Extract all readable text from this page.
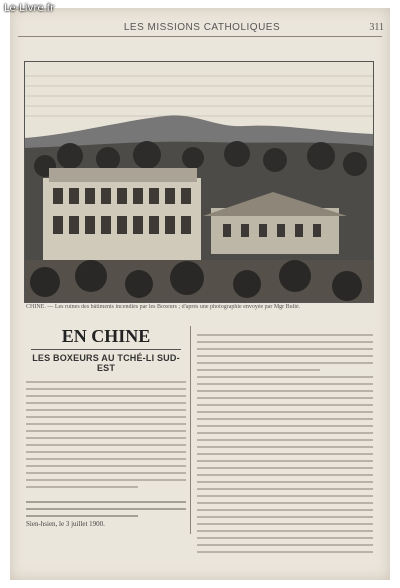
Le-Livre.fr
LES MISSIONS CATHOLIQUES	311
CHINE. — Les ruines des bâtiments incendiés par les Boxeurs ; d'après une photographie envoyée par Mgr Bulté.
EN CHINE
LES BOXEURS AU TCHÉ-LI SUD-EST
Sien-hsien, le 3 juillet 1900.
